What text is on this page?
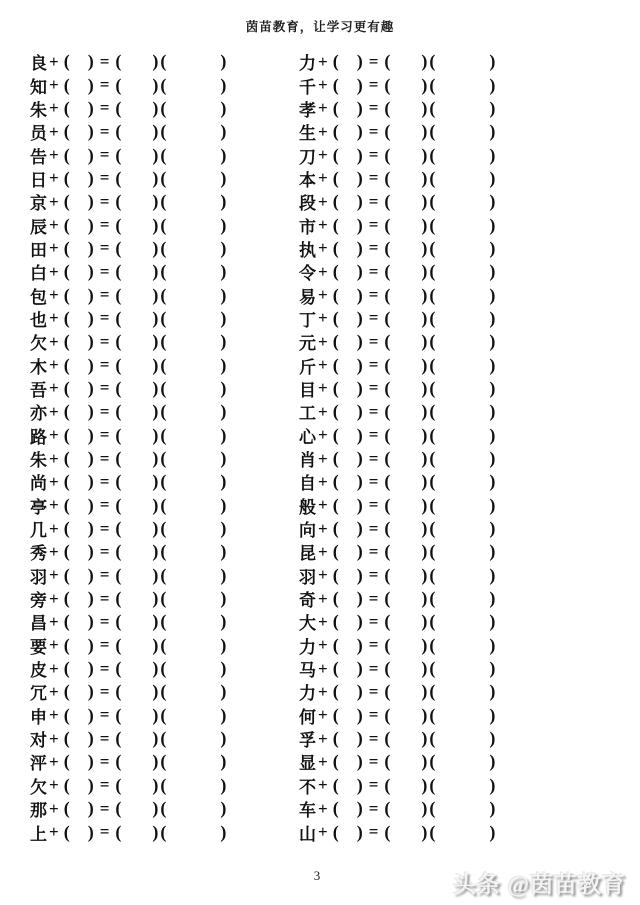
茵苗教育，让学习更有趣
良 + ( ) = ( ) (	)	力 + ( ) = ( ) (	)
知 + ( ) = ( ) (	)	千 + ( ) = ( ) (	)
朱 + ( ) = ( ) (	)	孝 + ( ) = ( ) (	)
员 + ( ) = ( ) (	)	生 + ( ) = ( ) (	)
告 + ( ) = ( ) (	)	刀 + ( ) = ( ) (	)
日 + ( ) = ( ) (	)	本 + ( ) = ( ) (	)
京 + ( ) = ( ) (	)	段 + ( ) = ( ) (	)
辰 + ( ) = ( ) (	)	市 + ( ) = ( ) (	)
田 + ( ) = ( ) (	)	执 + ( ) = ( ) (	)
白 + ( ) = ( ) (	)	令 + ( ) = ( ) (	)
包 + ( ) = ( ) (	)	易 + ( ) = ( ) (	)
也 + ( ) = ( ) (	)	丁 + ( ) = ( ) (	)
欠 + ( ) = ( ) (	)	元 + ( ) = ( ) (	)
木 + ( ) = ( ) (	)	斤 + ( ) = ( ) (	)
吾 + ( ) = ( ) (	)	目 + ( ) = ( ) (	)
亦 + ( ) = ( ) (	)	工 + ( ) = ( ) (	)
路 + ( ) = ( ) (	)	心 + ( ) = ( ) (	)
朱 + ( ) = ( ) (	)	肖 + ( ) = ( ) (	)
尚 + ( ) = ( ) (	)	自 + ( ) = ( ) (	)
亭 + ( ) = ( ) (	)	般 + ( ) = ( ) (	)
几 + ( ) = ( ) (	)	向 + ( ) = ( ) (	)
秀 + ( ) = ( ) (	)	昆 + ( ) = ( ) (	)
羽 + ( ) = ( ) (	)	羽 + ( ) = ( ) (	)
旁 + ( ) = ( ) (	)	奇 + ( ) = ( ) (	)
昌 + ( ) = ( ) (	)	大 + ( ) = ( ) (	)
要 + ( ) = ( ) (	)	力 + ( ) = ( ) (	)
皮 + ( ) = ( ) (	)	马 + ( ) = ( ) (	)
冗 + ( ) = ( ) (	)	力 + ( ) = ( ) (	)
申 + ( ) = ( ) (	)	何 + ( ) = ( ) (	)
对 + ( ) = ( ) (	)	孚 + ( ) = ( ) (	)
泙 + ( ) = ( ) (	)	显 + ( ) = ( ) (	)
欠 + ( ) = ( ) (	)	不 + ( ) = ( ) (	)
那 + ( ) = ( ) (	)	车 + ( ) = ( ) (	)
上 + ( ) = ( ) (	)	山 + ( ) = ( ) (	)
3	头条 @茵苗教育
